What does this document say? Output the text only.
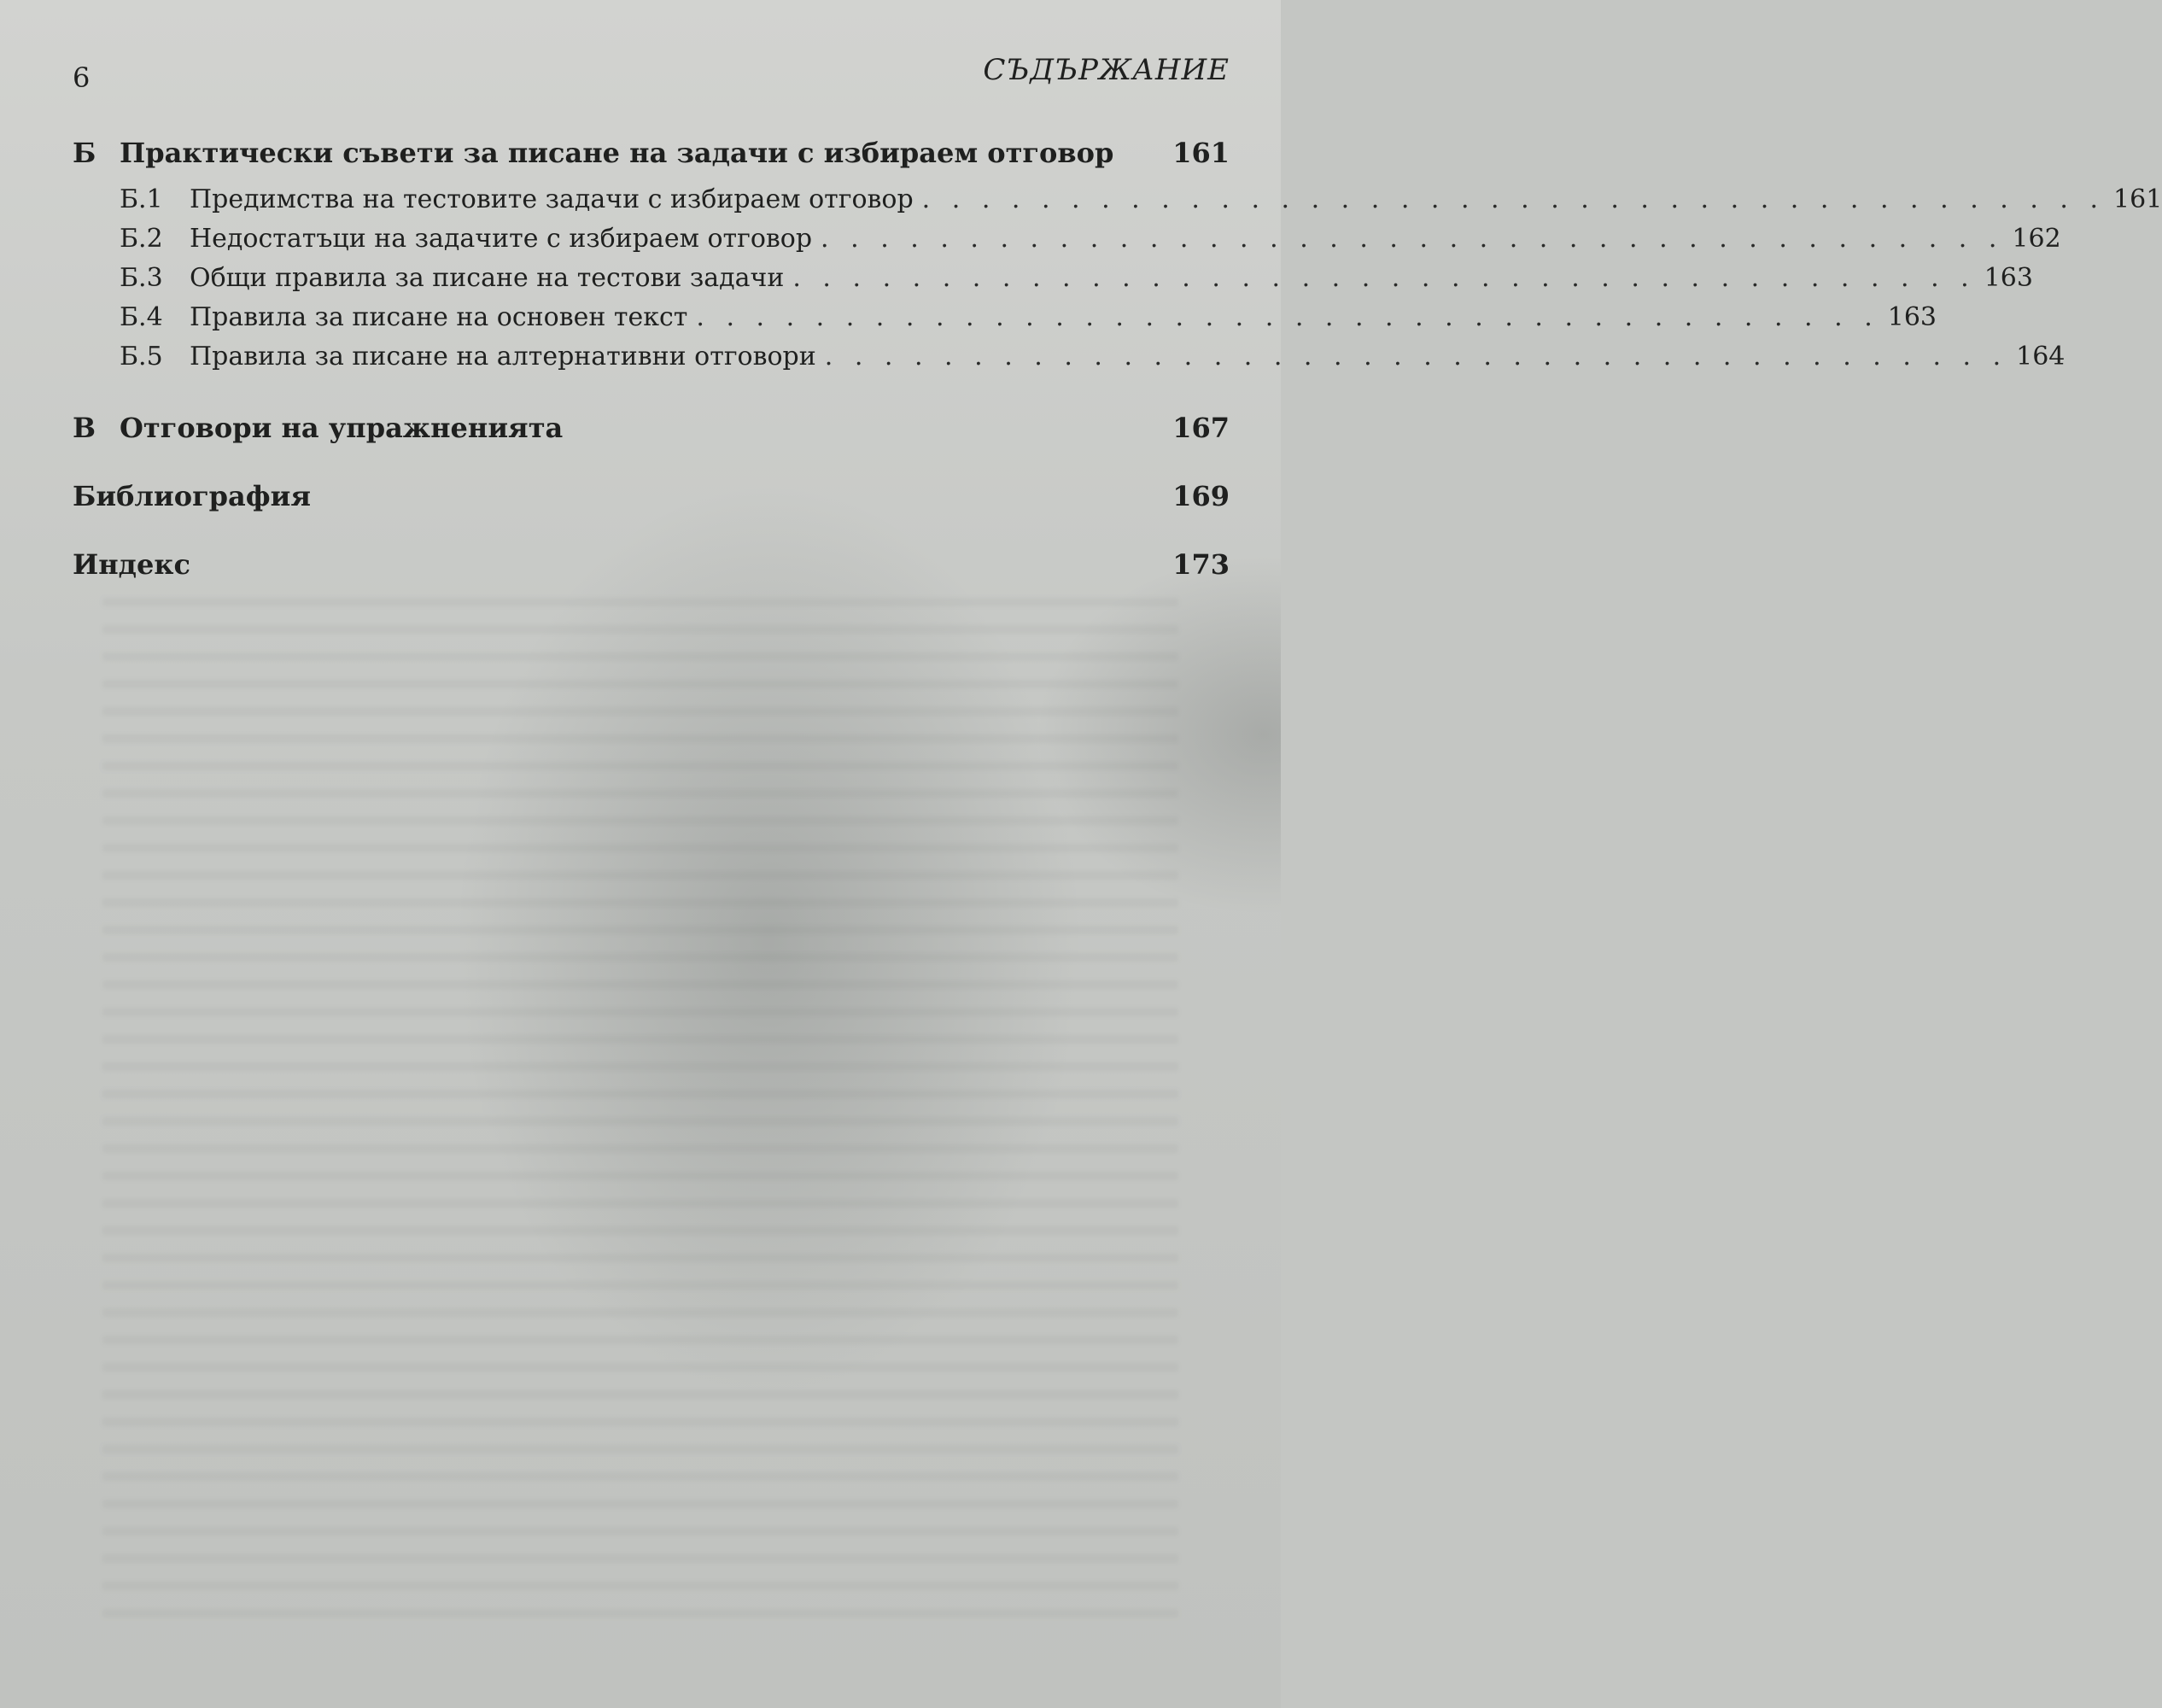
6	СЪДЪРЖАНИЕ
Б Практически съвети за писане на задачи с избираем отговор	161
Б.1	Предимства на тестовите задачи с избираем отговор . . . . . . . . . . . . . . . . . . . . . . . . . . . . . . . . . . . . . . . . 161
Б.2	Недостатъци на задачите с избираем отговор . . . . . . . . . . . . . . . . . . . . . . . . . . . . . . . . . . . . . . . . 162
Б.3	Общи правила за писане на тестови задачи . . . . . . . . . . . . . . . . . . . . . . . . . . . . . . . . . . . . . . . . 163
Б.4	Правила за писане на основен текст . . . . . . . . . . . . . . . . . . . . . . . . . . . . . . . . . . . . . . . . 163
Б.5	Правила за писане на алтернативни отговори . . . . . . . . . . . . . . . . . . . . . . . . . . . . . . . . . . . . . . . . 164
В Отговори на упражненията	167
Библиография	169
Индекс	173
